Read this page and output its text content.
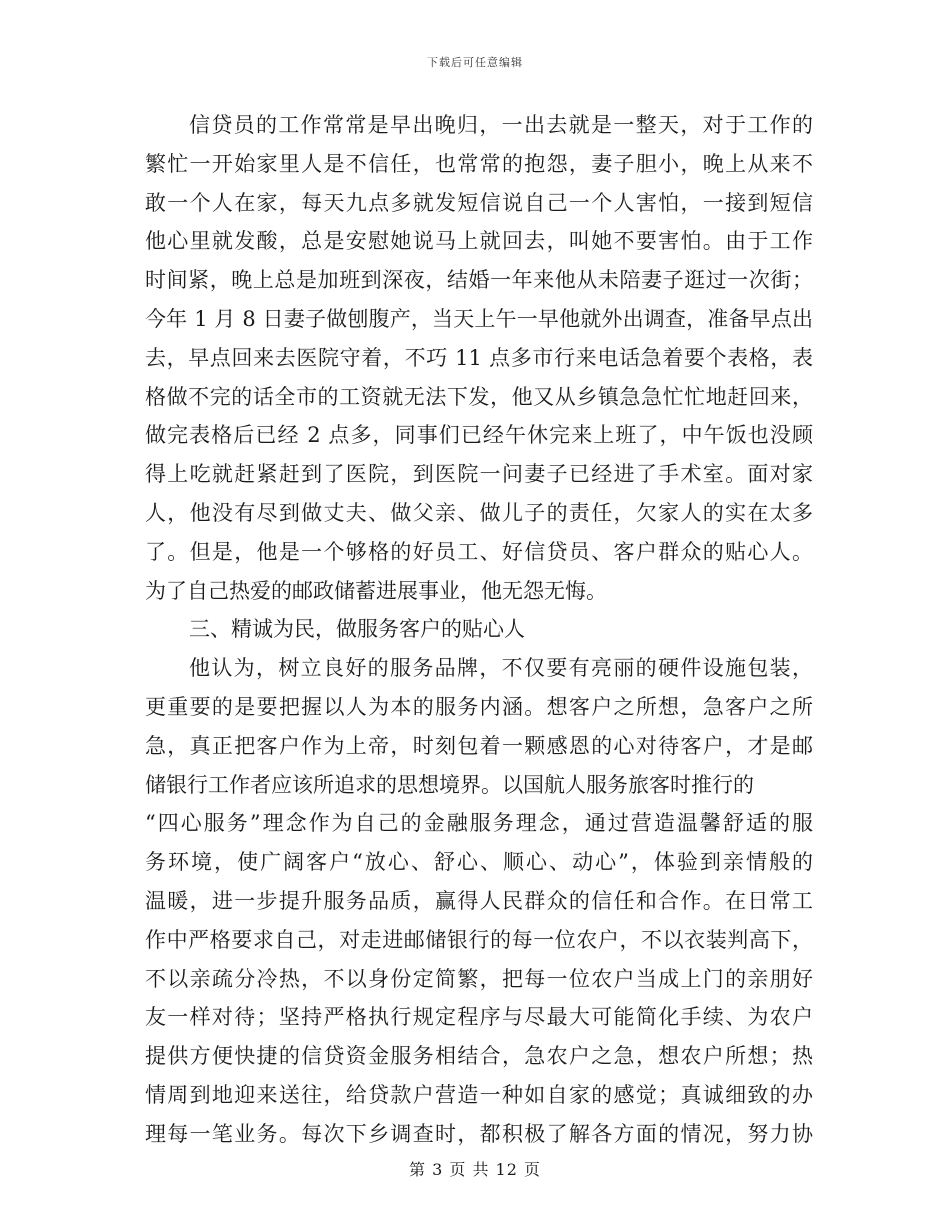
下载后可任意编辑
信贷员的工作常常是早出晚归，一出去就是一整天，对于工作的
繁忙一开始家里人是不信任，也常常的抱怨，妻子胆小，晚上从来不
敢一个人在家，每天九点多就发短信说自己一个人害怕，一接到短信
他心里就发酸，总是安慰她说马上就回去，叫她不要害怕。由于工作
时间紧，晚上总是加班到深夜，结婚一年来他从未陪妻子逛过一次街；
今年 1 月 8 日妻子做刨腹产，当天上午一早他就外出调查，准备早点出
去，早点回来去医院守着，不巧 11 点多市行来电话急着要个表格，表
格做不完的话全市的工资就无法下发，他又从乡镇急急忙忙地赶回来，
做完表格后已经 2 点多，同事们已经午休完来上班了，中午饭也没顾
得上吃就赶紧赶到了医院，到医院一问妻子已经进了手术室。面对家
人，他没有尽到做丈夫、做父亲、做儿子的责任，欠家人的实在太多
了。但是，他是一个够格的好员工、好信贷员、客户群众的贴心人。
为了自己热爱的邮政储蓄进展事业，他无怨无悔。
三、精诚为民，做服务客户的贴心人
他认为，树立良好的服务品牌，不仅要有亮丽的硬件设施包装，
更重要的是要把握以人为本的服务内涵。想客户之所想，急客户之所
急，真正把客户作为上帝，时刻包着一颗感恩的心对待客户，才是邮
储银行工作者应该所追求的思想境界。以国航人服务旅客时推行的
“四心服务”理念作为自己的金融服务理念，通过营造温馨舒适的服
务环境，使广阔客户“放心、舒心、顺心、动心”，体验到亲情般的
温暖，进一步提升服务品质，赢得人民群众的信任和合作。在日常工
作中严格要求自己，对走进邮储银行的每一位农户，不以衣装判高下，
不以亲疏分冷热，不以身份定简繁，把每一位农户当成上门的亲朋好
友一样对待；坚持严格执行规定程序与尽最大可能简化手续、为农户
提供方便快捷的信贷资金服务相结合，急农户之急，想农户所想；热
情周到地迎来送往，给贷款户营造一种如自家的感觉；真诚细致的办
理每一笔业务。每次下乡调查时，都积极了解各方面的情况，努力协
第 3 页 共 12 页
